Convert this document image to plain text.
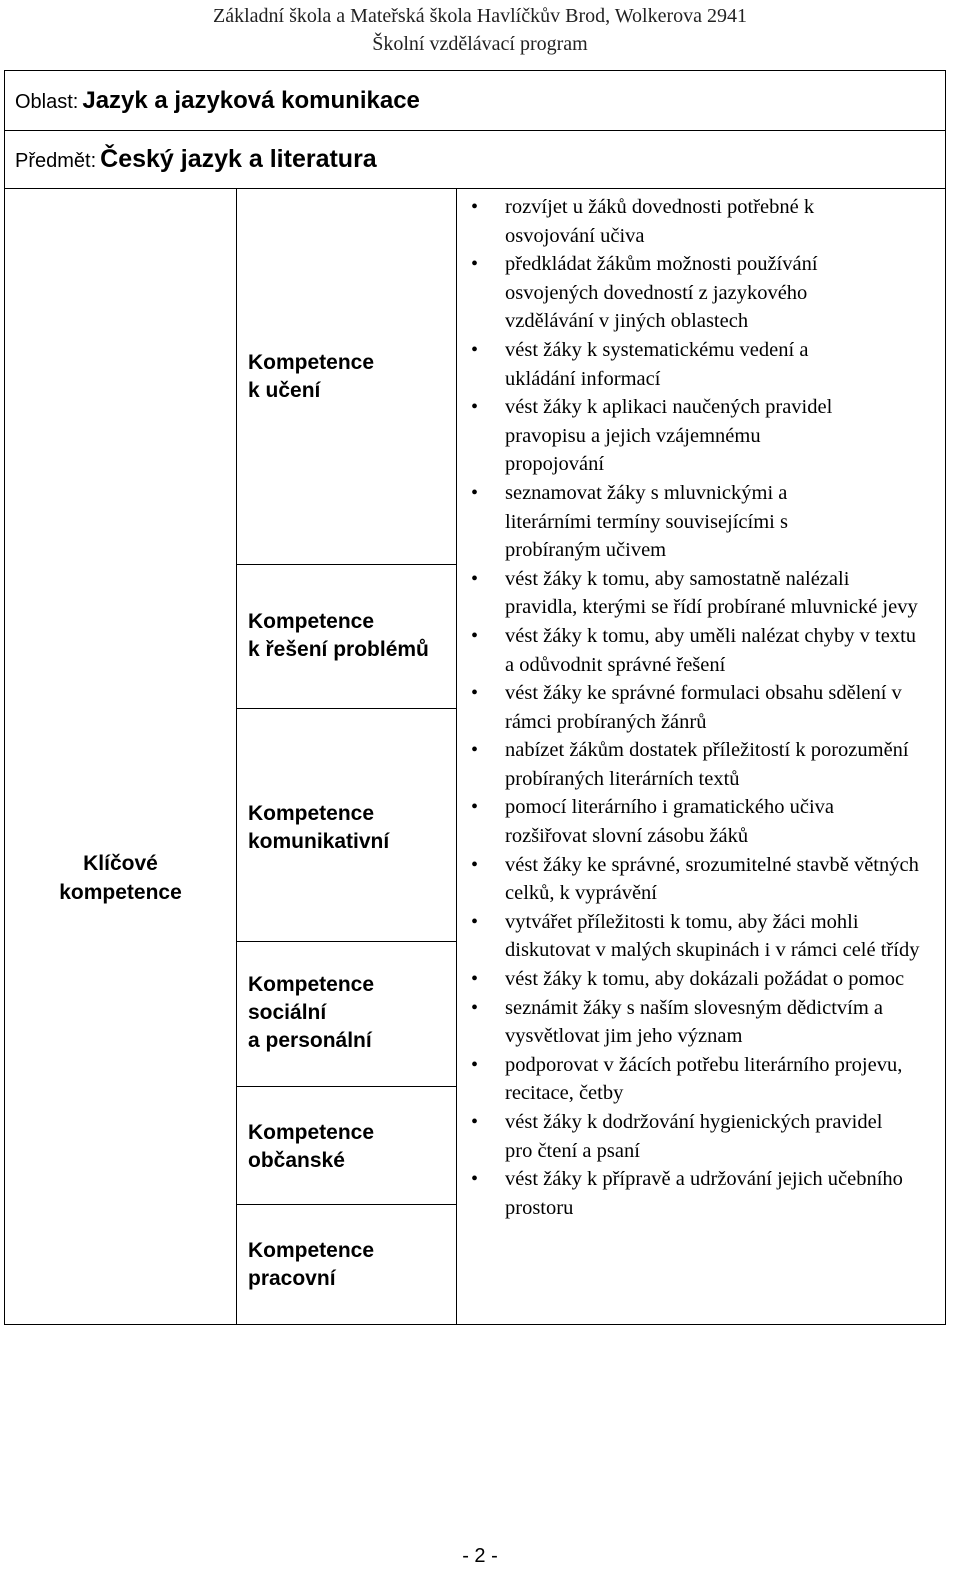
Základní škola a Mateřská škola Havlíčkův Brod, Wolkerova 2941
Školní vzdělávací program
Oblast: Jazyk a jazyková komunikace
Předmět: Český jazyk a literatura
Klíčové
kompetence
Kompetence
k učení
Kompetence
k řešení problémů
Kompetence
komunikativní
Kompetence
sociální
a personální
Kompetence
občanské
Kompetence
pracovní
• rozvíjet u žáků dovednosti potřebné k osvojování učiva
• předkládat žákům možnosti používání osvojených dovedností z jazykového vzdělávání v jiných oblastech
• vést žáky k systematickému vedení a ukládání informací
• vést žáky k aplikaci naučených pravidel pravopisu a jejich vzájemnému propojování
• seznamovat žáky s mluvnickými a literárními termíny souvisejícími s probíraným učivem
• vést žáky k tomu, aby samostatně nalézali pravidla, kterými se řídí probírané mluvnické jevy
• vést žáky k tomu, aby uměli nalézat chyby v textu a odůvodnit správné řešení
• vést žáky ke správné formulaci obsahu sdělení v rámci probíraných žánrů
• nabízet žákům dostatek příležitostí k porozumění probíraných literárních textů
• pomocí literárního i gramatického učiva rozšiřovat slovní zásobu žáků
• vést žáky ke správné, srozumitelné stavbě větných celků, k vyprávění
• vytvářet příležitosti k tomu, aby žáci mohli diskutovat v malých skupinách i v rámci celé třídy
• vést žáky k tomu, aby dokázali požádat o pomoc
• seznámit žáky s naším slovesným dědictvím a vysvětlovat jim jeho význam
• podporovat v žácích potřebu literárního projevu, recitace, četby
• vést žáky k dodržování hygienických pravidel pro čtení a psaní
• vést žáky k přípravě a udržování jejich učebního prostoru
- 2 -
